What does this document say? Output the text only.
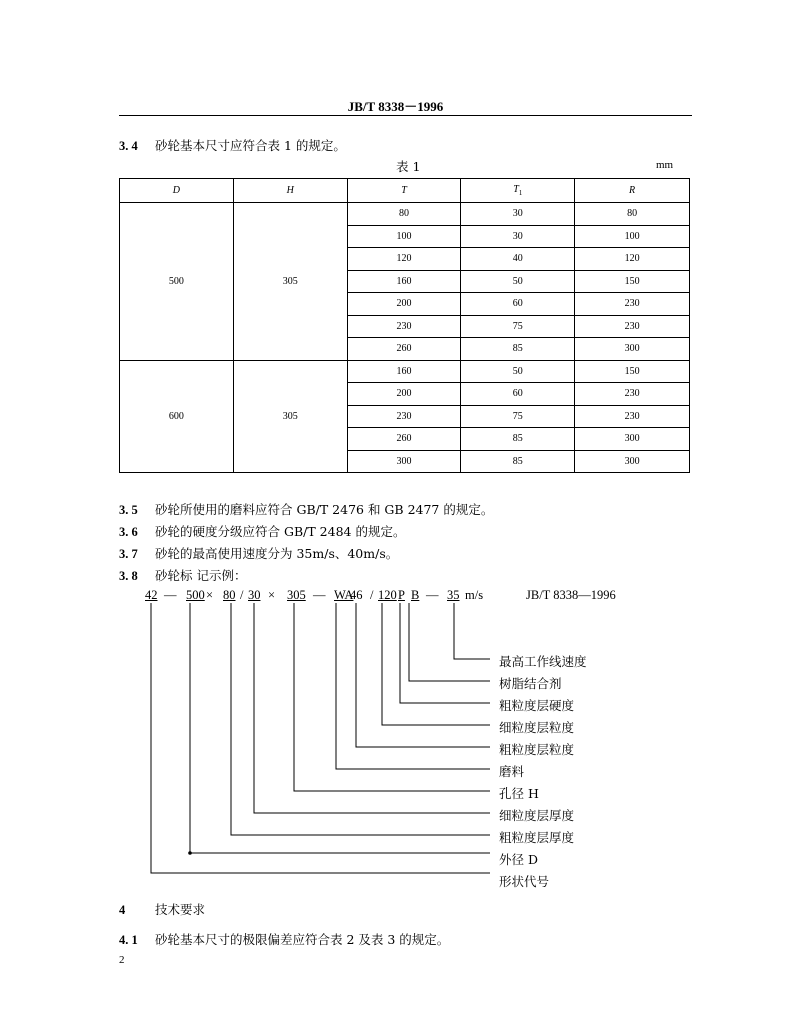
JB/T 8338－1996
3. 4 砂轮基本尺寸应符合表 1 的规定。
表 1	mm
D	H	T	$T_1$	R
500	305	80	30	80
		100	30	100
		120	40	120
		160	50	150
		200	60	230
		230	75	230
		260	85	300
600	305	160	50	150
		200	60	230
		230	75	230
		260	85	300
		300	85	300
3. 5 砂轮所使用的磨料应符合 GB/T 2476 和 GB 2477 的规定。
3. 6 砂轮的硬度分级应符合 GB/T 2484 的规定。
3. 7 砂轮的最高使用速度分为 35m/s、40m/s。
3. 8 砂轮标 记示例：
42 — 500 × 80 / 30 × 305 — WA
46 / 120 P B — 35 m/s	JB/T 8338—1996
最高工作线速度
树脂结合剂
粗粒度层硬度
细粒度层粒度
粗粒度层粒度
磨料
孔径 H
细粒度层厚度
粗粒度层厚度
外径 D
形状代号
4 技术要求
4. 1 砂轮基本尺寸的极限偏差应符合表 2 及表 3 的规定。
2
